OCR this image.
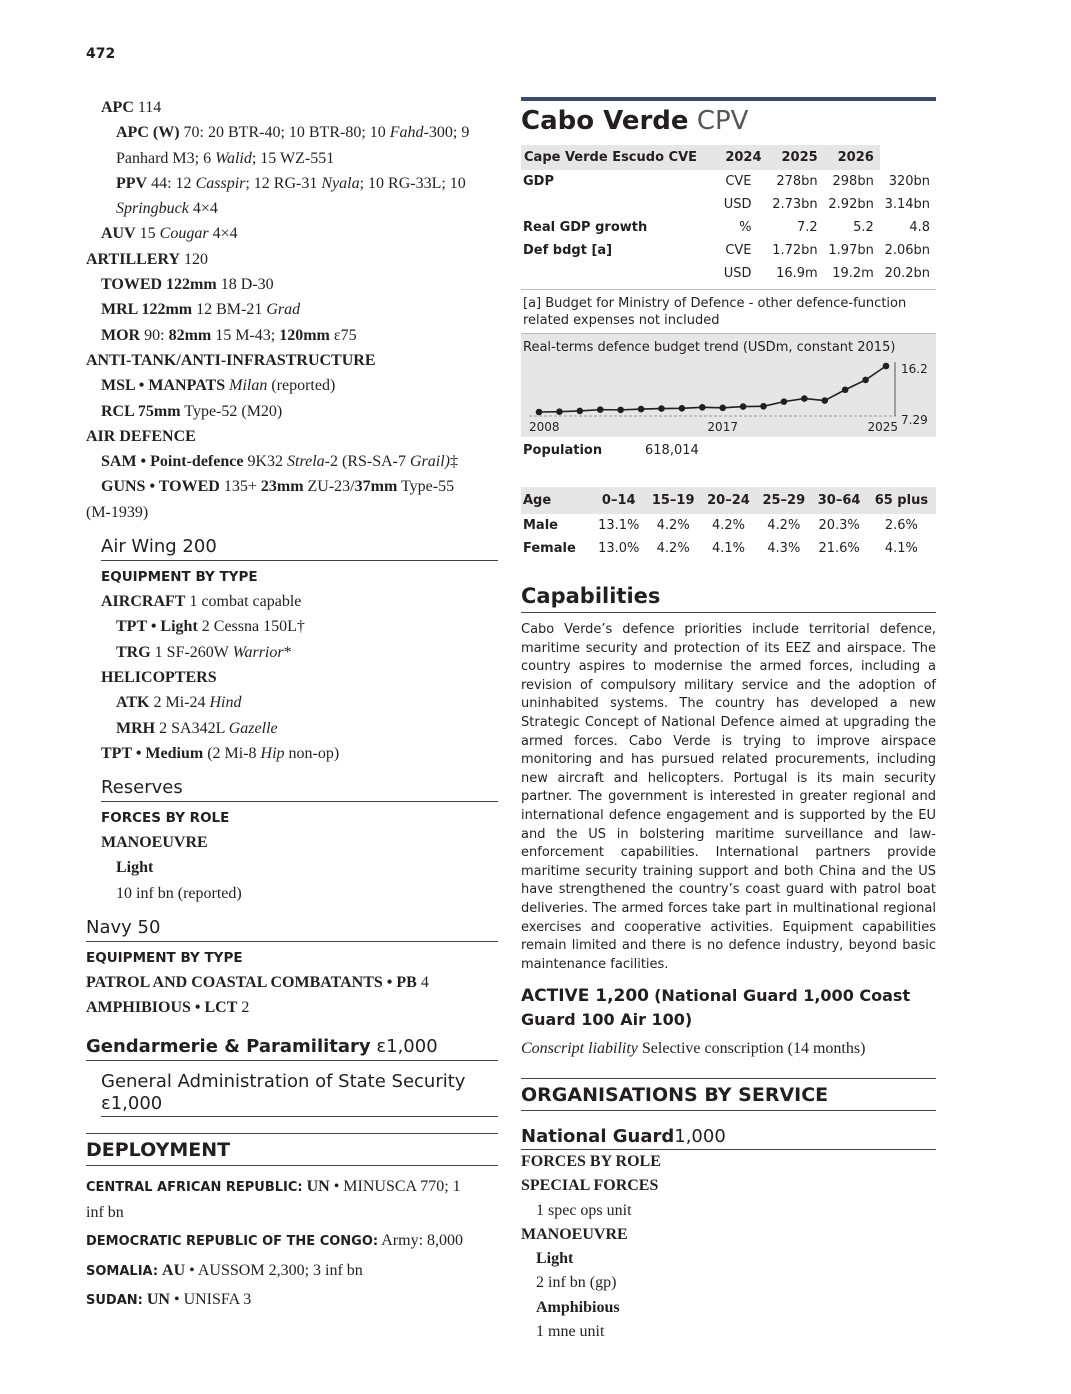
472

APC 114

APC (W) 70: 20 BTR-40; 10 BTR-80; 10 Fahd-300; 9

Panhard M3; 6 Walid; 15 WZ-551

PPV 44: 12 Casspir; 12 RG-31 Nyala; 10 RG-33L; 10

Springbuck 4×4

AUV 15 Cougar 4×4

ARTILLERY 120

TOWED 122mm 18 D-30

MRL 122mm 12 BM-21 Grad

MOR 90: 82mm 15 M-43; 120mm ε75

ANTI-TANK/ANTI-INFRASTRUCTURE

MSL • MANPATS Milan (reported)

RCL 75mm Type-52 (M20)

AIR DEFENCE

SAM • Point-defence 9K32 Strela-2 (RS-SA-7 Grail)‡

GUNS • TOWED 135+ 23mm ZU-23/37mm Type-55

(M-1939)

Air Wing 200

EQUIPMENT BY TYPE

AIRCRAFT 1 combat capable

TPT • Light 2 Cessna 150L†

TRG 1 SF-260W Warrior*

HELICOPTERS

ATK 2 Mi-24 Hind

MRH 2 SA342L Gazelle

TPT • Medium (2 Mi-8 Hip non-op)

Reserves

FORCES BY ROLE

MANOEUVRE

Light

10 inf bn (reported)

Navy 50

EQUIPMENT BY TYPE

PATROL AND COASTAL COMBATANTS • PB 4

AMPHIBIOUS • LCT 2

Gendarmerie & Paramilitary ε1,000
General Administration of State Security
ε1,000
DEPLOYMENT

CENTRAL AFRICAN REPUBLIC: UN • MINUSCA 770; 1

inf bn

DEMOCRATIC REPUBLIC OF THE CONGO: Army: 8,000

SOMALIA: AU • AUSSOM 2,300; 3 inf bn

SUDAN: UN • UNISFA 3

Cabo Verde CPV
Cape Verde Escudo CVE	2024	2025	2026	
GDP	CVE	278bn	298bn	320bn
	USD	2.73bn	2.92bn	3.14bn
Real GDP growth	%	7.2	5.2	4.8
Def bdgt [a]	CVE	1.72bn	1.97bn	2.06bn
	USD	16.9m	19.2m	20.2bn
[a] Budget for Ministry of Defence - other defence-function related expenses not included
Real-terms defence budget trend (USDm, constant 2015)
7.29
16.2
2008	2017	2025
Population	618,014
Age	0–14	15–19	20–24	25–29	30–64	65 plus
Male	13.1%	4.2%	4.2%	4.2%	20.3%	2.6%
Female	13.0%	4.2%	4.1%	4.3%	21.6%	4.1%
Capabilities

Cabo Verde’s defence priorities include territorial defence, maritime security and protection of its EEZ and airspace. The country aspires to modernise the armed forces, including a revision of compulsory military service and the adoption of uninhabited systems. The country has developed a new Strategic Concept of National Defence aimed at upgrading the armed forces. Cabo Verde is trying to improve airspace monitoring and has pursued related procurements, including new aircraft and helicopters. Portugal is its main security partner. The government is interested in greater regional and international defence engagement and is supported by the EU and the US in bolstering maritime surveillance and law-enforcement capabilities. International partners provide maritime security training support and both China and the US have strengthened the country’s coast guard with patrol boat deliveries. The armed forces take part in multinational regional exercises and cooperative activities. Equipment capabilities remain limited and there is no defence industry, beyond basic maintenance facilities.

ACTIVE 1,200 (National Guard 1,000 Coast Guard 100 Air 100)
Conscript liability Selective conscription (14 months)
ORGANISATIONS BY SERVICE
National Guard1,000
FORCES BY ROLE
SPECIAL FORCES
1 spec ops unit
MANOEUVRE
Light
2 inf bn (gp)
Amphibious
1 mne unit
